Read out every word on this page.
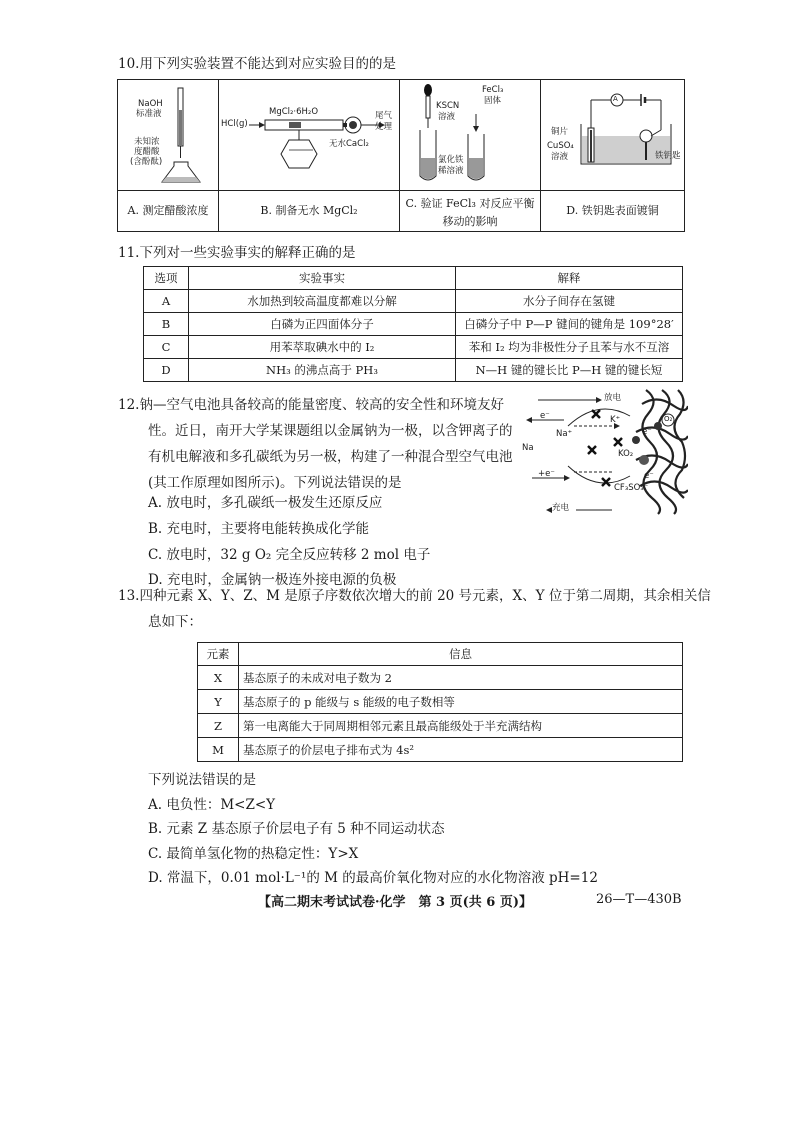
10.用下列实验装置不能达到对应实验目的的是
NaOH
标准液
未知浓
度醋酸
(含酚酞)
HCl(g)
MgCl₂·6H₂O	尾气
处理
无水CaCl₂
FeCl₃
固体
KSCN
溶液
氯化铁
稀溶液
A
铜片
CuSO₄
溶液	铁钥匙
A. 测定醋酸浓度	B. 制备无水 MgCl₂
C. 验证 FeCl₃ 对反应平衡
移动的影响
D. 铁钥匙表面镀铜
11.下列对一些实验事实的解释正确的是
选项	实验事实	解释
A	水加热到较高温度都难以分解	水分子间存在氢键
B	白磷为正四面体分子	白磷分子中 P—P 键间的键角是 109°28′
C	用苯萃取碘水中的 I₂	苯和 I₂ 均为非极性分子且苯与水不互溶
D	NH₃ 的沸点高于 PH₃	N—H 键的键长比 P—H 键的键长短
12.钠—空气电池具备较高的能量密度、较高的安全性和环境友好
性。近日，南开大学某课题组以金属钠为一极，以含钾离子的
有机电解液和多孔碳纸为另一极，构建了一种混合型空气电池
(其工作原理如图所示)。下列说法错误的是
A. 放电时，多孔碳纸一极发生还原反应
B. 充电时，主要将电能转换成化学能
C. 放电时，32 g O₂ 完全反应转移 2 mol 电子
D. 充电时，金属钠一极连外接电源的负极
放电
充电
Na
Na⁺
K⁺
KO₂
O₂
CF₃SO₃⁻
e⁻
e⁻
+e⁻	e⁻
13.四种元素 X、Y、Z、M 是原子序数依次增大的前 20 号元素，X、Y 位于第二周期，其余相关信
息如下：
元素	信息
X	基态原子的未成对电子数为 2
Y	基态原子的 p 能级与 s 能级的电子数相等
Z	第一电离能大于同周期相邻元素且最高能级处于半充满结构
M	基态原子的价层电子排布式为 4s²
下列说法错误的是
A. 电负性：M<Z<Y
B. 元素 Z 基态原子价层电子有 5 种不同运动状态
C. 最简单氢化物的热稳定性：Y>X
D. 常温下，0.01 mol·L⁻¹的 M 的最高价氧化物对应的水化物溶液 pH=12
【高二期末考试试卷·化学　第 3 页(共 6 页)】	26—T—430B
